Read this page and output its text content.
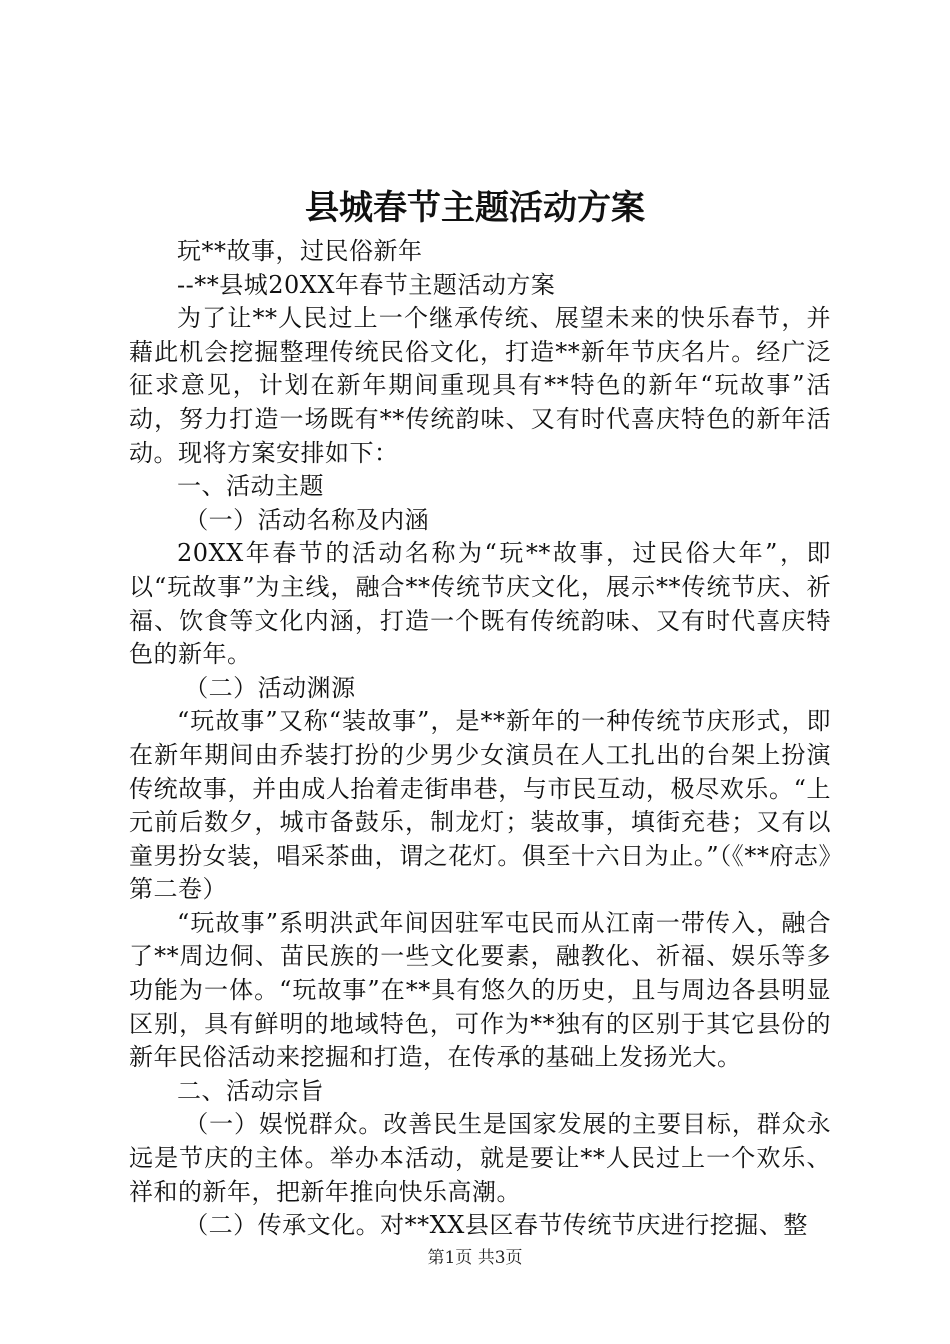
县城春节主题活动方案

玩**故事，过民俗新年

--**县城20XX年春节主题活动方案

为了让**人民过上一个继承传统、展望未来的快乐春节，并藉此机会挖掘整理传统民俗文化，打造**新年节庆名片。经广泛征求意见，计划在新年期间重现具有**特色的新年“玩故事”活动，努力打造一场既有**传统韵味、又有时代喜庆特色的新年活动。现将方案安排如下：

一、活动主题

（一）活动名称及内涵

20XX年春节的活动名称为“玩**故事，过民俗大年”，即以“玩故事”为主线，融合**传统节庆文化，展示**传统节庆、祈福、饮食等文化内涵，打造一个既有传统韵味、又有时代喜庆特色的新年。

（二）活动渊源

“玩故事”又称“装故事”，是**新年的一种传统节庆形式，即在新年期间由乔装打扮的少男少女演员在人工扎出的台架上扮演传统故事，并由成人抬着走街串巷，与市民互动，极尽欢乐。“上元前后数夕，城市备鼓乐，制龙灯；装故事，填街充巷；又有以童男扮女装，唱采茶曲，谓之花灯。俱至十六日为止。”（《**府志》第二卷）

“玩故事”系明洪武年间因驻军屯民而从江南一带传入，融合了**周边侗、苗民族的一些文化要素，融教化、祈福、娱乐等多功能为一体。“玩故事”在**具有悠久的历史，且与周边各县明显区别，具有鲜明的地域特色，可作为**独有的区别于其它县份的新年民俗活动来挖掘和打造，在传承的基础上发扬光大。

二、活动宗旨

（一）娱悦群众。改善民生是国家发展的主要目标，群众永远是节庆的主体。举办本活动，就是要让**人民过上一个欢乐、祥和的新年，把新年推向快乐高潮。

（二）传承文化。对**XX县区春节传统节庆进行挖掘、整

第1页 共3页
